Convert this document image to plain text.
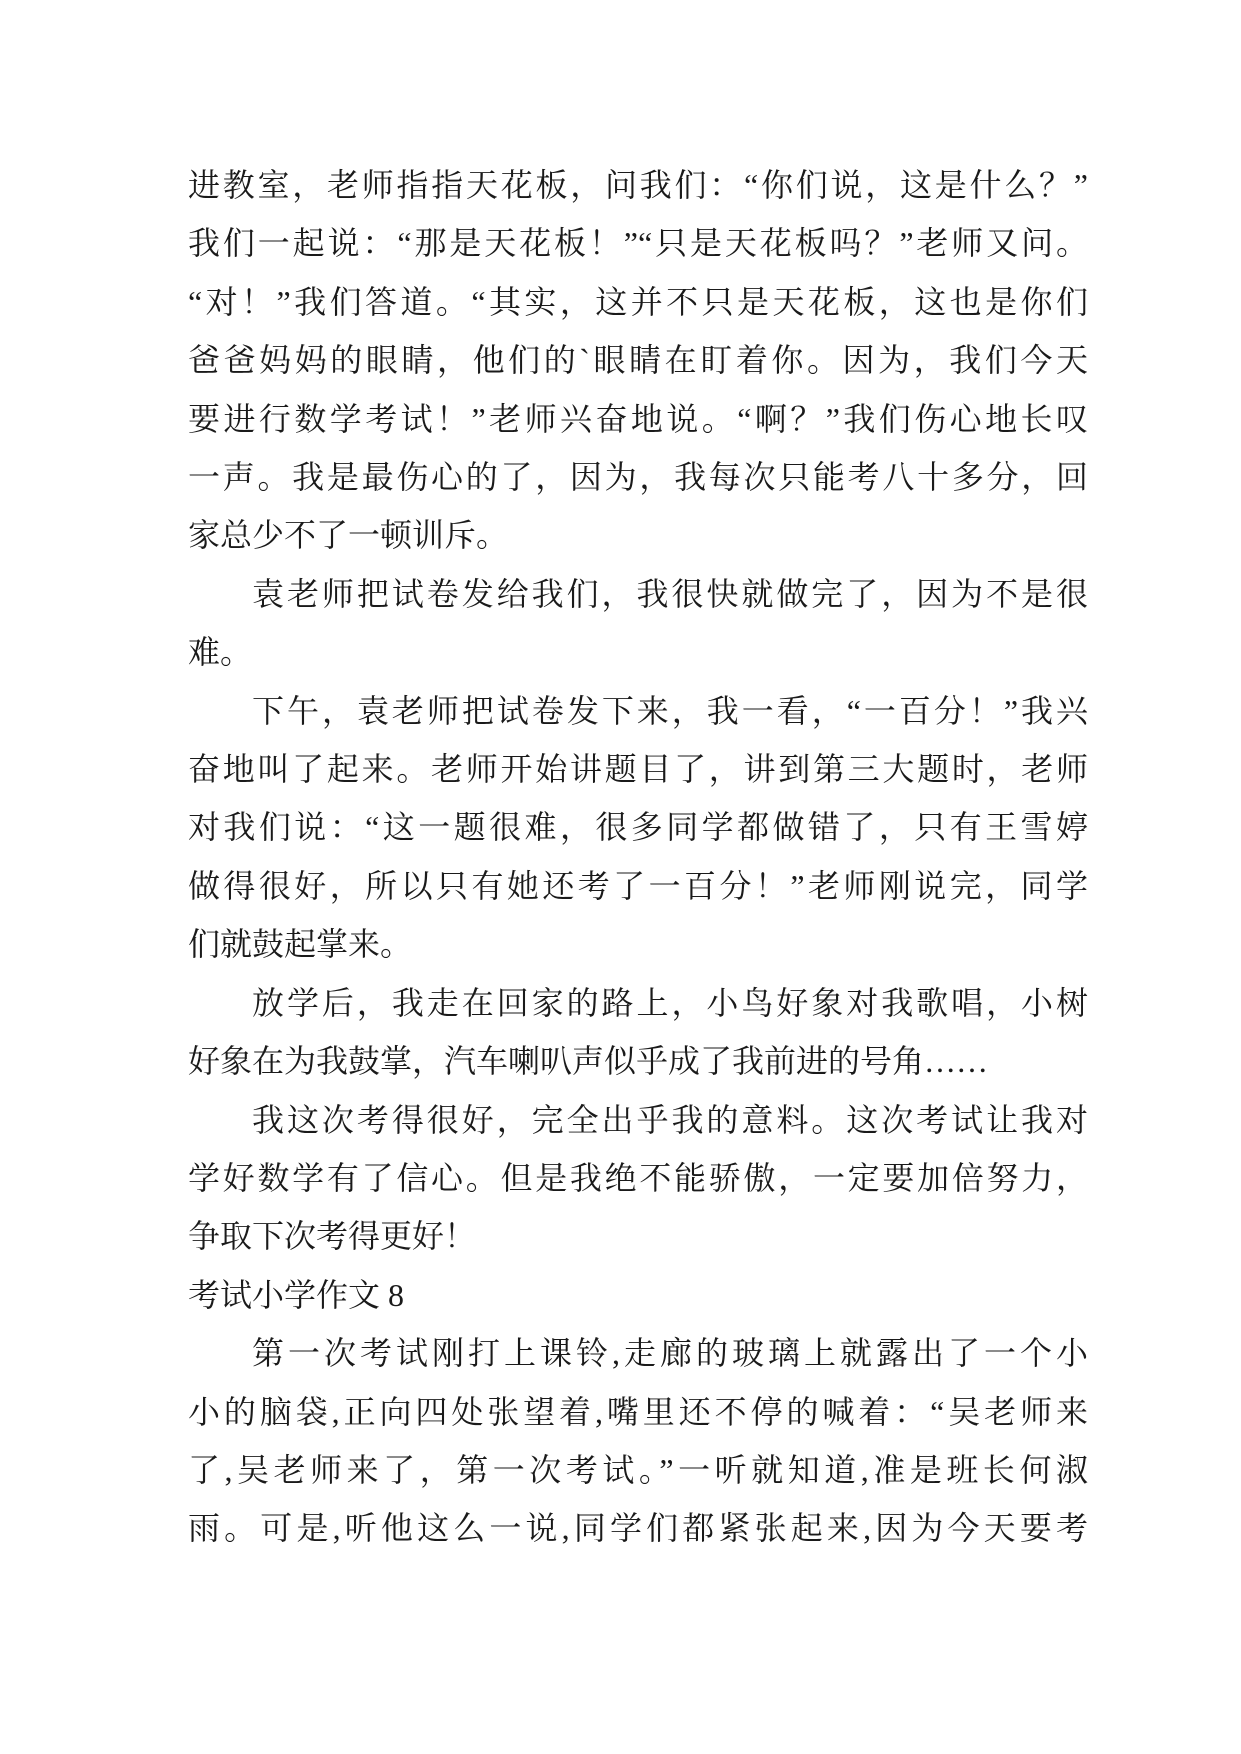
进教室，老师指指天花板，问我们：“你们说，这是什么？”
我们一起说：“那是天花板！”“只是天花板吗？”老师又问。
“对！”我们答道。“其实，这并不只是天花板，这也是你们
爸爸妈妈的眼睛，他们的`眼睛在盯着你。因为，我们今天
要进行数学考试！”老师兴奋地说。“啊？”我们伤心地长叹
一声。我是最伤心的了，因为，我每次只能考八十多分，回
家总少不了一顿训斥。
袁老师把试卷发给我们，我很快就做完了，因为不是很
难。
下午，袁老师把试卷发下来，我一看，“一百分！”我兴
奋地叫了起来。老师开始讲题目了，讲到第三大题时，老师
对我们说：“这一题很难，很多同学都做错了，只有王雪婷
做得很好，所以只有她还考了一百分！”老师刚说完，同学
们就鼓起掌来。
放学后，我走在回家的路上，小鸟好象对我歌唱，小树
好象在为我鼓掌，汽车喇叭声似乎成了我前进的号角……
我这次考得很好，完全出乎我的意料。这次考试让我对
学好数学有了信心。但是我绝不能骄傲，一定要加倍努力，
争取下次考得更好！
考试小学作文 8
第一次考试刚打上课铃,走廊的玻璃上就露出了一个小
小的脑袋,正向四处张望着,嘴里还不停的喊着：“吴老师来
了,吴老师来了，第一次考试。”一听就知道,准是班长何淑
雨。可是,听他这么一说,同学们都紧张起来,因为今天要考
